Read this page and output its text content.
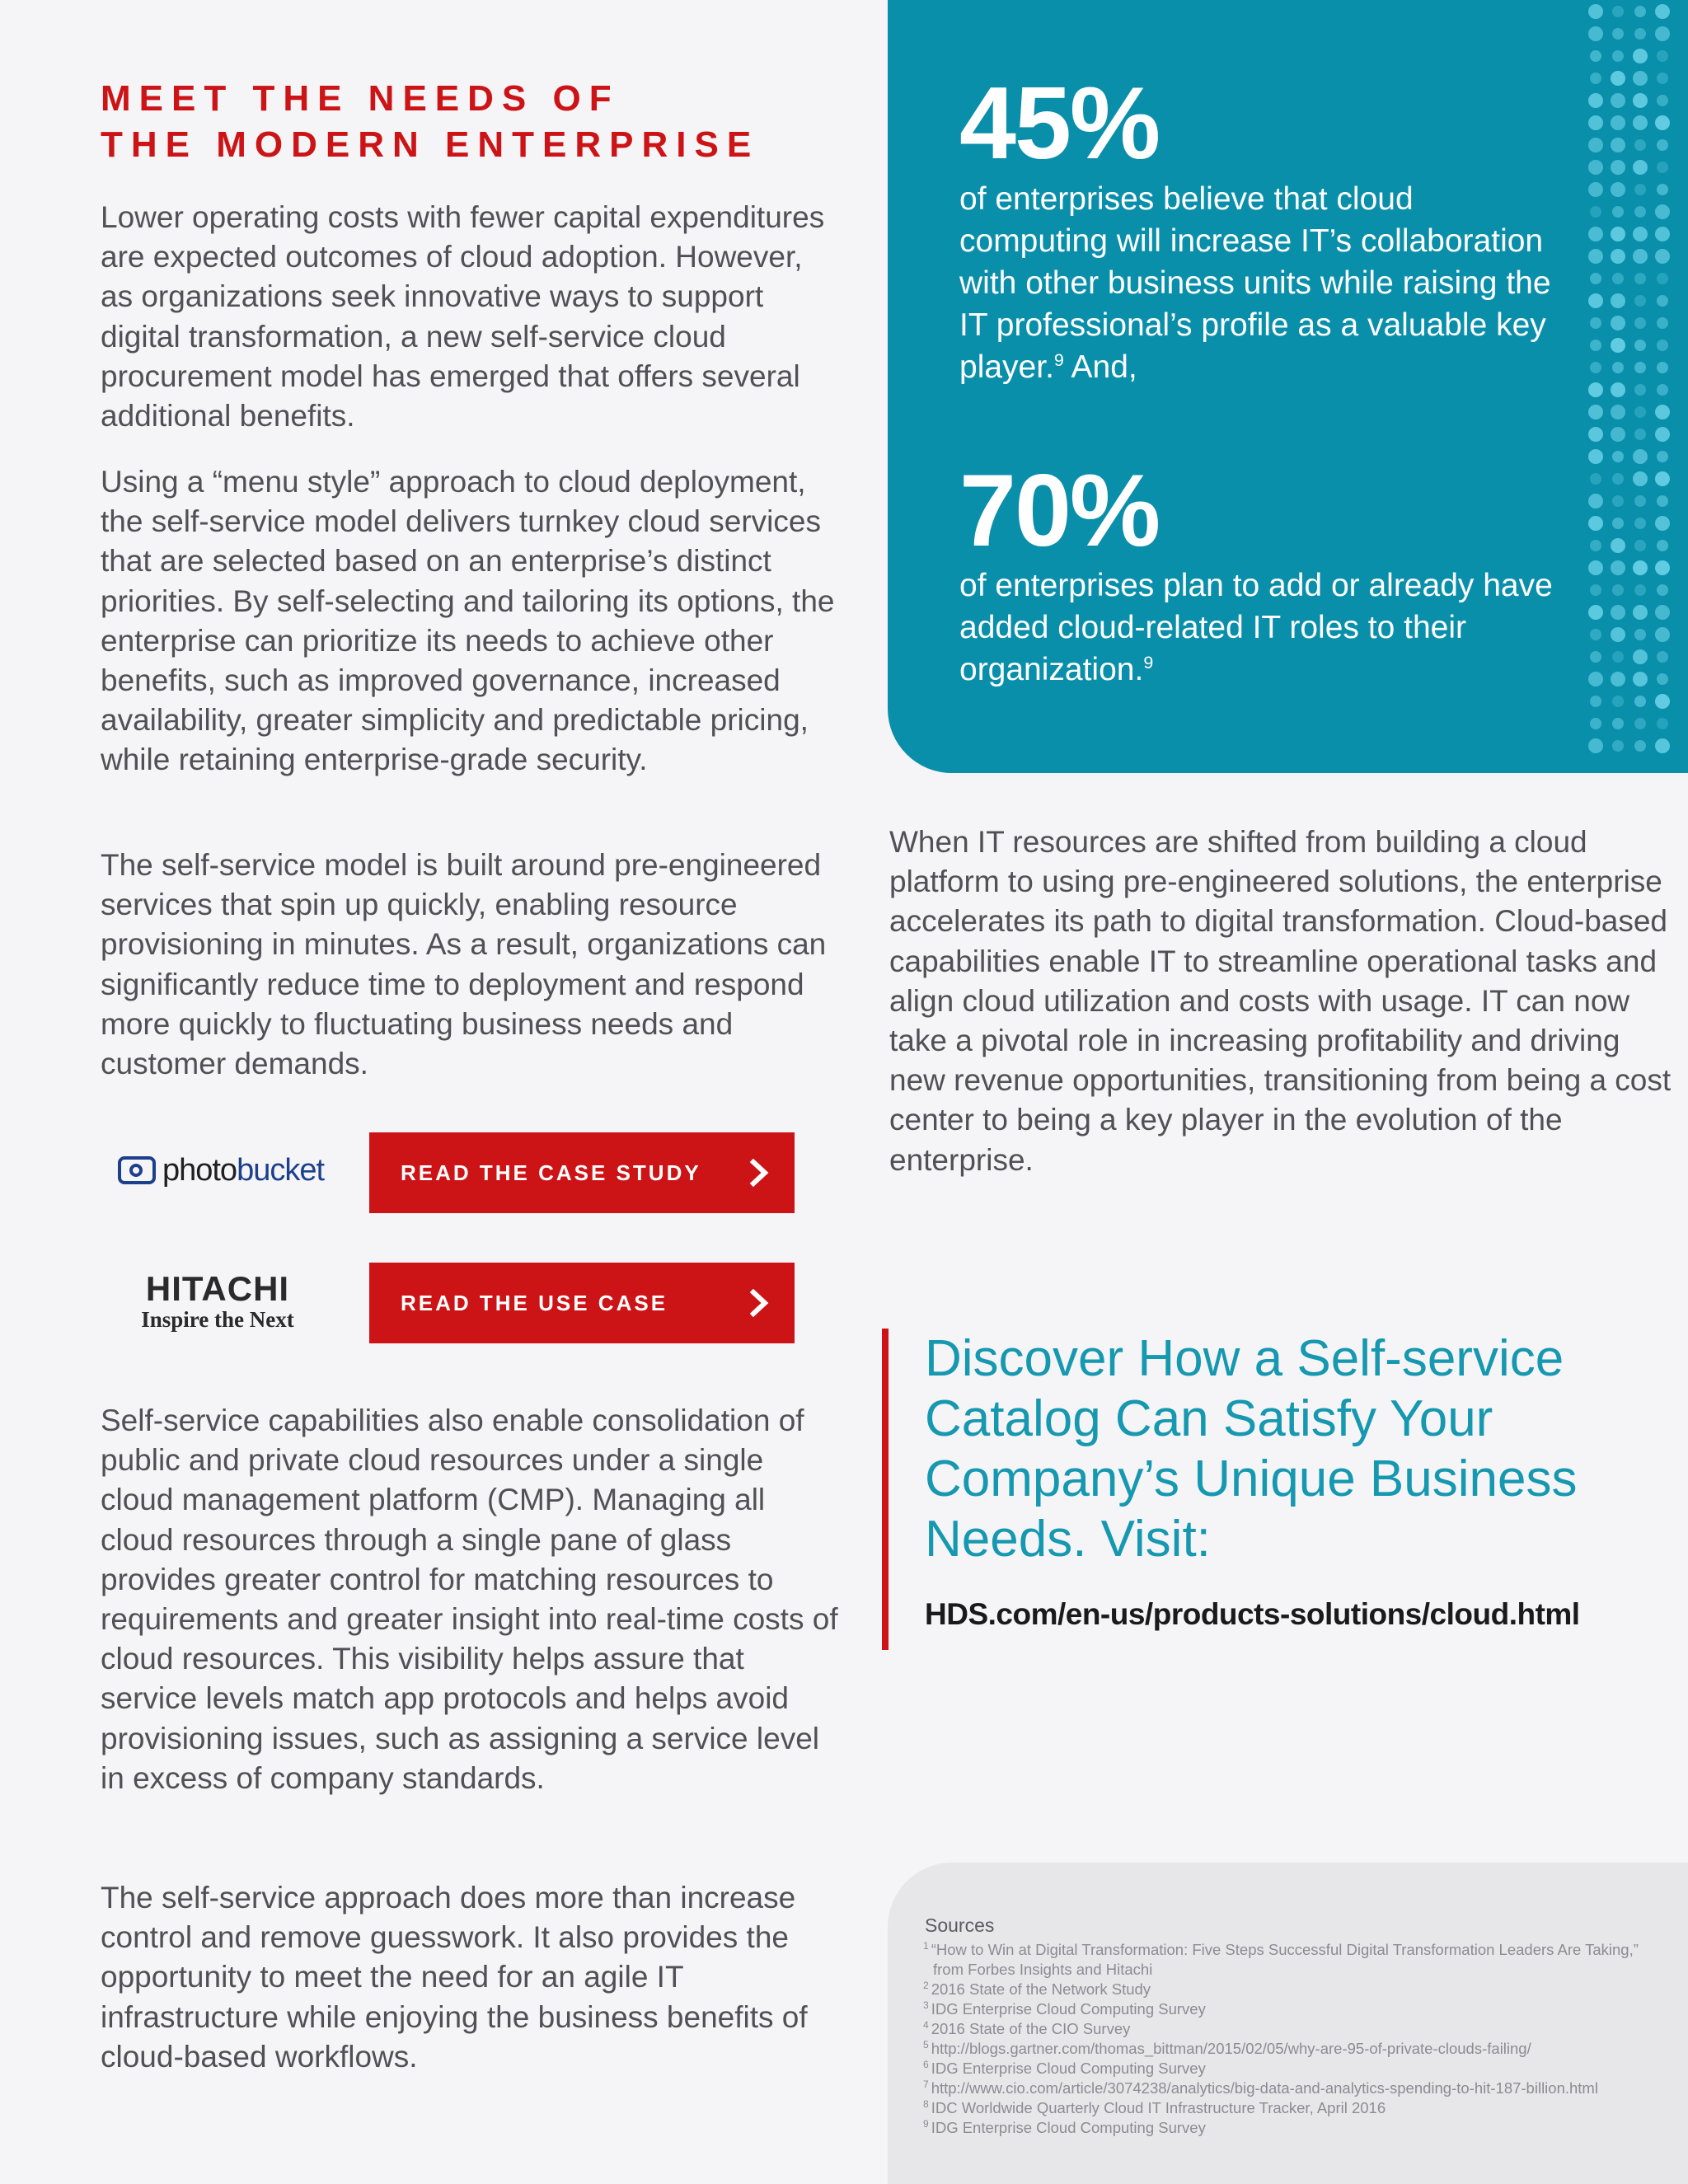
MEET THE NEEDS OF
THE MODERN ENTERPRISE

Lower operating costs with fewer capital expenditures are expected outcomes of cloud adoption. However, as organizations seek innovative ways to support digital transformation, a new self-service cloud procurement model has emerged that offers several additional benefits.

Using a “menu style” approach to cloud deployment, the self-service model delivers turnkey cloud services that are selected based on an enterprise’s distinct priorities. By self-selecting and tailoring its options, the enterprise can prioritize its needs to achieve other benefits, such as improved governance, increased availability, greater simplicity and predictable pricing, while retaining enterprise-grade security.

The self-service model is built around pre-engineered services that spin up quickly, enabling resource provisioning in minutes. As a result, organizations can significantly reduce time to deployment and respond more quickly to fluctuating business needs and customer demands.

photobucket	READ THE CASE STUDY
HITACHI
Inspire the Next
READ THE USE CASE

Self-service capabilities also enable consolidation of public and private cloud resources under a single cloud management platform (CMP). Managing all cloud resources through a single pane of glass provides greater control for matching resources to requirements and greater insight into real-time costs of cloud resources. This visibility helps assure that service levels match app protocols and helps avoid provisioning issues, such as assigning a service level in excess of company standards.

The self-service approach does more than increase control and remove guesswork. It also provides the opportunity to meet the need for an agile IT infrastructure while enjoying the business benefits of cloud-based workflows.

45%

of enterprises believe that cloud computing will increase IT’s collaboration with other business units while raising the IT professional’s profile as a valuable key player.$^9$ And,

70%

of enterprises plan to add or already have added cloud-related IT roles to their organization.$^9$

When IT resources are shifted from building a cloud platform to using pre-engineered solutions, the enterprise accelerates its path to digital transformation. Cloud-based capabilities enable IT to streamline operational tasks and align cloud utilization and costs with usage. IT can now take a pivotal role in increasing profitability and driving new revenue opportunities, transitioning from being a cost center to being a key player in the evolution of the enterprise.

Discover How a Self-service Catalog Can Satisfy Your Company’s Unique Business Needs. Visit:
HDS.com/en-us/products-solutions/cloud.html
Sources
$^1$ “How to Win at Digital Transformation: Five Steps Successful Digital Transformation Leaders Are Taking,” from Forbes Insights and Hitachi
$^2$ 2016 State of the Network Study
$^3$ IDG Enterprise Cloud Computing Survey
$^4$ 2016 State of the CIO Survey
$^5$ http://blogs.gartner.com/thomas_bittman/2015/02/05/why-are-95-of-private-clouds-failing/
$^6$ IDG Enterprise Cloud Computing Survey
$^7$ http://www.cio.com/article/3074238/analytics/big-data-and-analytics-spending-to-hit-187-billion.html
$^8$ IDC Worldwide Quarterly Cloud IT Infrastructure Tracker, April 2016
$^9$ IDG Enterprise Cloud Computing Survey
